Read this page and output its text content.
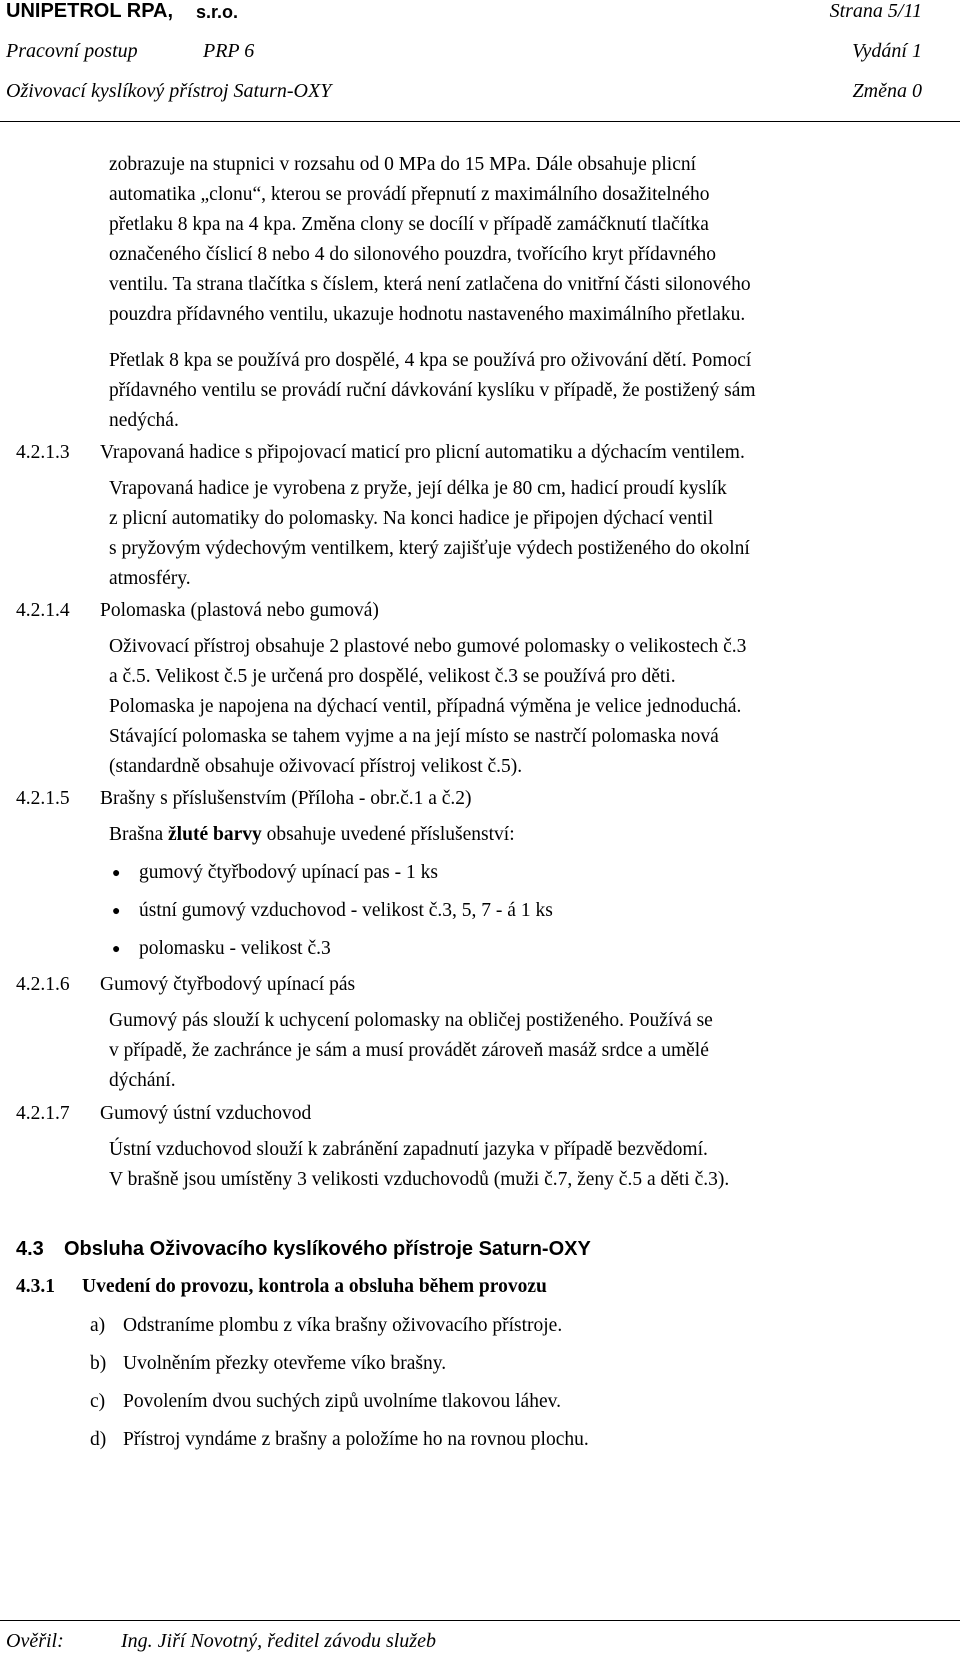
UNIPETROL RPA, s.r.o.	Strana 5/11
Pracovní postup	PRP 6	Vydání 1
Oživovací kyslíkový přístroj Saturn-OXY	Změna 0
zobrazuje na stupnici v rozsahu od 0 MPa do 15 MPa. Dále obsahuje plicní
automatika „clonu“, kterou se provádí přepnutí z maximálního dosažitelného
přetlaku 8 kpa na 4 kpa. Změna clony se docílí v případě zamáčknutí tlačítka
označeného číslicí 8 nebo 4 do silonového pouzdra, tvořícího kryt přídavného
ventilu. Ta strana tlačítka s číslem, která není zatlačena do vnitřní části silonového
pouzdra přídavného ventilu, ukazuje hodnotu nastaveného maximálního přetlaku.
Přetlak 8 kpa se používá pro dospělé, 4 kpa se používá pro oživování dětí. Pomocí
přídavného ventilu se provádí ruční dávkování kyslíku v případě, že postižený sám
nedýchá.
4.2.1.3 Vrapovaná hadice s připojovací maticí pro plicní automatiku a dýchacím ventilem.
Vrapovaná hadice je vyrobena z pryže, její délka je 80 cm, hadicí proudí kyslík
z plicní automatiky do polomasky. Na konci hadice je připojen dýchací ventil
s pryžovým výdechovým ventilkem, který zajišťuje výdech postiženého do okolní
atmosféry.
4.2.1.4 Polomaska (plastová nebo gumová)
Oživovací přístroj obsahuje 2 plastové nebo gumové polomasky o velikostech č.3
a č.5. Velikost č.5 je určená pro dospělé, velikost č.3 se používá pro děti.
Polomaska je napojena na dýchací ventil, případná výměna je velice jednoduchá.
Stávající polomaska se tahem vyjme a na její místo se nastrčí polomaska nová
(standardně obsahuje oživovací přístroj velikost č.5).
4.2.1.5 Brašny s příslušenstvím (Příloha - obr.č.1 a č.2)
Brašna žluté barvy obsahuje uvedené příslušenství:
● gumový čtyřbodový upínací pas - 1 ks
● ústní gumový vzduchovod - velikost č.3, 5, 7 - á 1 ks
● polomasku - velikost č.3
4.2.1.6 Gumový čtyřbodový upínací pás
Gumový pás slouží k uchycení polomasky na obličej postiženého. Používá se
v případě, že zachránce je sám a musí provádět zároveň masáž srdce a umělé
dýchání.
4.2.1.7 Gumový ústní vzduchovod
Ústní vzduchovod slouží k zabránění zapadnutí jazyka v případě bezvědomí.
V brašně jsou umístěny 3 velikosti vzduchovodů (muži č.7, ženy č.5 a děti č.3).
4.3 Obsluha Oživovacího kyslíkového přístroje Saturn-OXY
4.3.1 Uvedení do provozu, kontrola a obsluha během provozu
a) Odstraníme plombu z víka brašny oživovacího přístroje.
b) Uvolněním přezky otevřeme víko brašny.
c) Povolením dvou suchých zipů uvolníme tlakovou láhev.
d) Přístroj vyndáme z brašny a položíme ho na rovnou plochu.
Ověřil:	Ing. Jiří Novotný, ředitel závodu služeb
